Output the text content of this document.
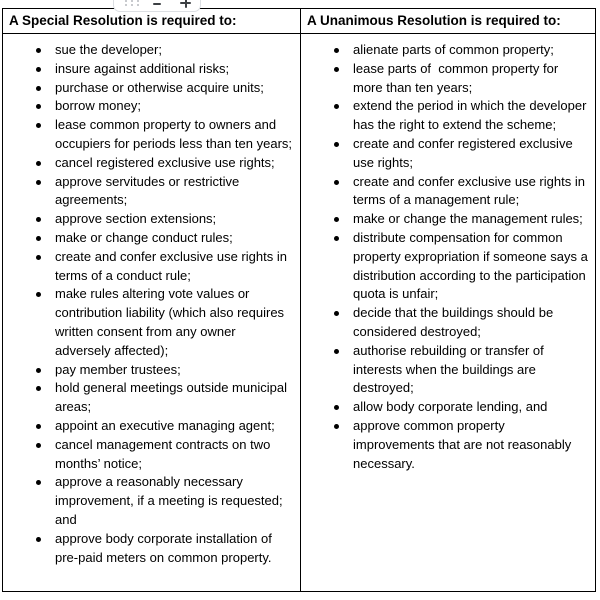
A Special Resolution is required to:	A Unanimous Resolution is required to:
sue the developer;
insure against additional risks;
purchase or otherwise acquire units;
borrow money;
lease common property to owners and occupiers for periods less than ten years;
cancel registered exclusive use rights;
approve servitudes or restrictive agreements;
approve section extensions;
make or change conduct rules;
create and confer exclusive use rights in terms of a conduct rule;
make rules altering vote values or contribution liability (which also requires written consent from any owner adversely affected);
pay member trustees;
hold general meetings outside municipal areas;
appoint an executive managing agent;
cancel management contracts on two months’ notice;
approve a reasonably necessary improvement, if a meeting is requested; and
approve body corporate installation of pre-paid meters on common property.
alienate parts of common property;
lease parts of  common property for more than ten years;
extend the period in which the developer has the right to extend the scheme;
create and confer registered exclusive use rights;
create and confer exclusive use rights in terms of a management rule;
make or change the management rules;
distribute compensation for common property expropriation if someone says a distribution according to the participation quota is unfair;
decide that the buildings should be considered destroyed;
authorise rebuilding or transfer of interests when the buildings are destroyed;
allow body corporate lending, and
approve common property improvements that are not reasonably necessary.
